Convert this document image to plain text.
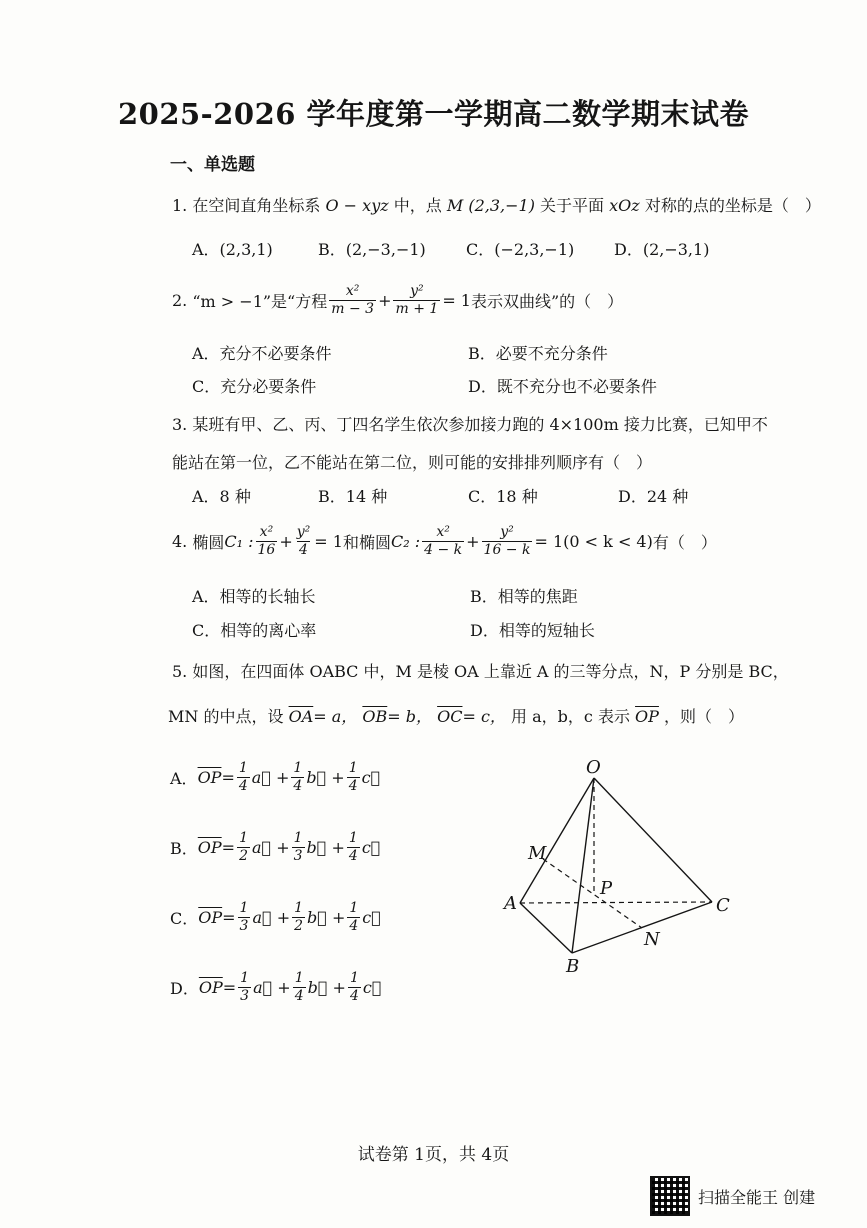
2025-2026 学年度第一学期高二数学期末试卷
一、单选题
1. 在空间直角坐标系 O − xyz 中，点 M (2,3,−1) 关于平面 xOz 对称的点的坐标是（　）
A．(2,3,1)	B．(2,−3,−1)	C．(−2,3,−1) D．(2,−3,1)
2.
“m > −1”是“方程 $\frac{\text{x²}}{m - 3} + \frac{\text{y²}}{m + 1} = 1$ 表示双曲线”的（　）
A．充分不必要条件	B．必要不充分条件
C．充分必要条件	D．既不充分也不必要条件
3. 某班有甲、乙、丙、丁四名学生依次参加接力跑的 4×100m 接力比赛，已知甲不
能站在第一位，乙不能站在第二位，则可能的安排排列顺序有（　）
A．8 种	B．14 种	C．18 种	D．24 种
4.
椭圆 C₁ : $\frac{\text{x²}}{16} + \frac{\text{y²}}{4} = 1$ 和椭圆 C₂ : $\frac{\text{x²}}{4 - k} + \frac{\text{y²}}{16 - k} = 1(0 < k < 4)$ 有（　）
A．相等的长轴长	B．相等的焦距
C．相等的离心率	D．相等的短轴长
5. 如图，在四面体 OABC 中，M 是棱 OA 上靠近 A 的三等分点，N，P 分别是 BC，
MN 的中点，设 $\overline{OA}= a$， $\overline{OB}= b$， $\overline{OC}= c$， 用 a，b，c 表示 $\overline{OP}$ ，则（　）
A． $\overline{OP} = \frac{1}{4}$ a⃗ + $\frac{1}{4}$ b⃗ + $\frac{1}{4}$ c⃗
B． $\overline{OP} = \frac{1}{2}$ a⃗ + $\frac{1}{3}$ b⃗ + $\frac{1}{4}$ c⃗
C． $\overline{OP} = \frac{1}{3}$ a⃗ + $\frac{1}{2}$ b⃗ + $\frac{1}{4}$ c⃗
D． $\overline{OP} = \frac{1}{3}$ a⃗ + $\frac{1}{4}$ b⃗ + $\frac{1}{4}$ c⃗
O
M
P
A	C
N
B
试卷第 1页，共 4页
扫描全能王 创建
